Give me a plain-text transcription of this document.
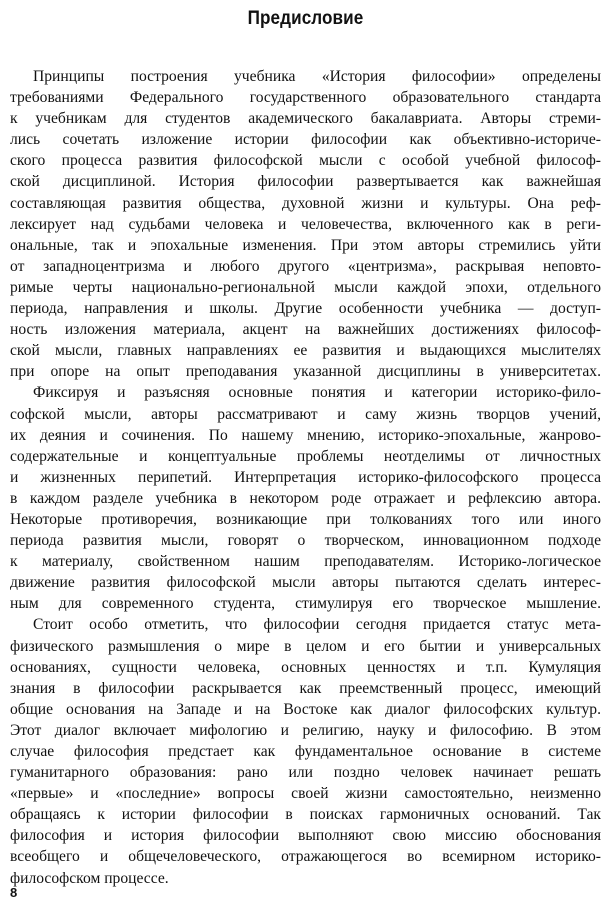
Предисловие
Принципы построения учебника «История философии» определены
требованиями Федерального государственного образовательного стандарта
к учебникам для студентов академического бакалавриата. Авторы стреми-
лись сочетать изложение истории философии как объективно-историче-
ского процесса развития философской мысли с особой учебной философ-
ской дисциплиной. История философии развертывается как важнейшая
составляющая развития общества, духовной жизни и культуры. Она реф-
лексирует над судьбами человека и человечества, включенного как в реги-
ональные, так и эпохальные изменения. При этом авторы стремились уйти
от западноцентризма и любого другого «центризма», раскрывая неповто-
римые черты национально-региональной мысли каждой эпохи, отдельного
периода, направления и школы. Другие особенности учебника — доступ-
ность изложения материала, акцент на важнейших достижениях философ-
ской мысли, главных направлениях ее развития и выдающихся мыслителях
при опоре на опыт преподавания указанной дисциплины в университетах.
Фиксируя и разъясняя основные понятия и категории историко-фило-
софской мысли, авторы рассматривают и саму жизнь творцов учений,
их деяния и сочинения. По нашему мнению, историко-эпохальные, жанрово-
содержательные и концептуальные проблемы неотделимы от личностных
и жизненных перипетий. Интерпретация историко-философского процесса
в каждом разделе учебника в некотором роде отражает и рефлексию автора.
Некоторые противоречия, возникающие при толкованиях того или иного
периода развития мысли, говорят о творческом, инновационном подходе
к материалу, свойственном нашим преподавателям. Историко-логическое
движение развития философской мысли авторы пытаются сделать интерес-
ным для современного студента, стимулируя его творческое мышление.
Стоит особо отметить, что философии сегодня придается статус мета-
физического размышления о мире в целом и его бытии и универсальных
основаниях, сущности человека, основных ценностях и т.п. Кумуляция
знания в философии раскрывается как преемственный процесс, имеющий
общие основания на Западе и на Востоке как диалог философских культур.
Этот диалог включает мифологию и религию, науку и философию. В этом
случае философия предстает как фундаментальное основание в системе
гуманитарного образования: рано или поздно человек начинает решать
«первые» и «последние» вопросы своей жизни самостоятельно, неизменно
обращаясь к истории философии в поисках гармоничных оснований. Так
философия и история философии выполняют свою миссию обоснования
всеобщего и общечеловеческого, отражающегося во всемирном историко-
философском процессе.
8
